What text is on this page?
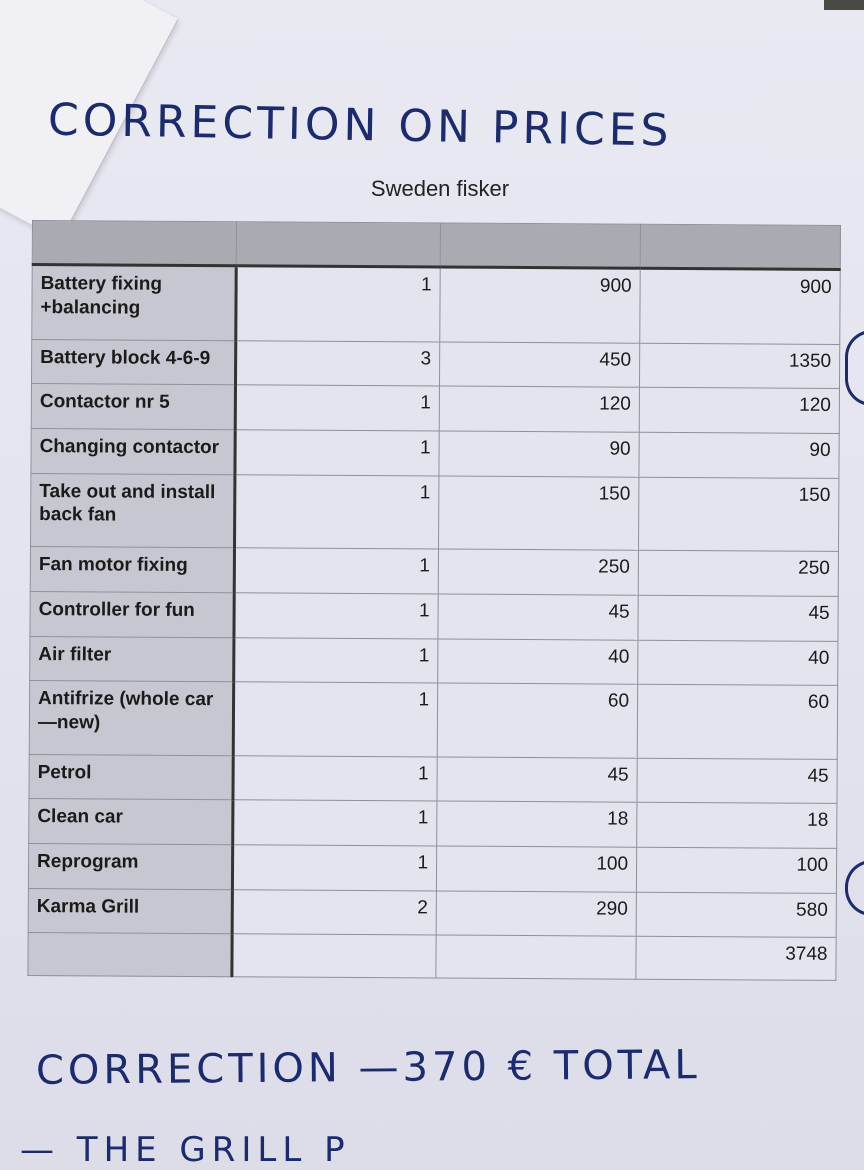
CORRECTION ON PRICES
Sweden fisker

Battery fixing +balancing	1	900	900
Battery block 4-6-9	3	450	1350
Contactor nr 5	1	120	120
Changing contactor	1	90	90
Take out and install back fan	1	150	150
Fan motor fixing	1	250	250
Controller for fun	1	45	45
Air filter	1	40	40
Antifrize (whole car—new)	1	60	60
Petrol	1	45	45
Clean car	1	18	18
Reprogram	1	100	100
Karma Grill	2	290	580
			3748
CORRECTION —370 € TOTAL
— THE GRILL P
